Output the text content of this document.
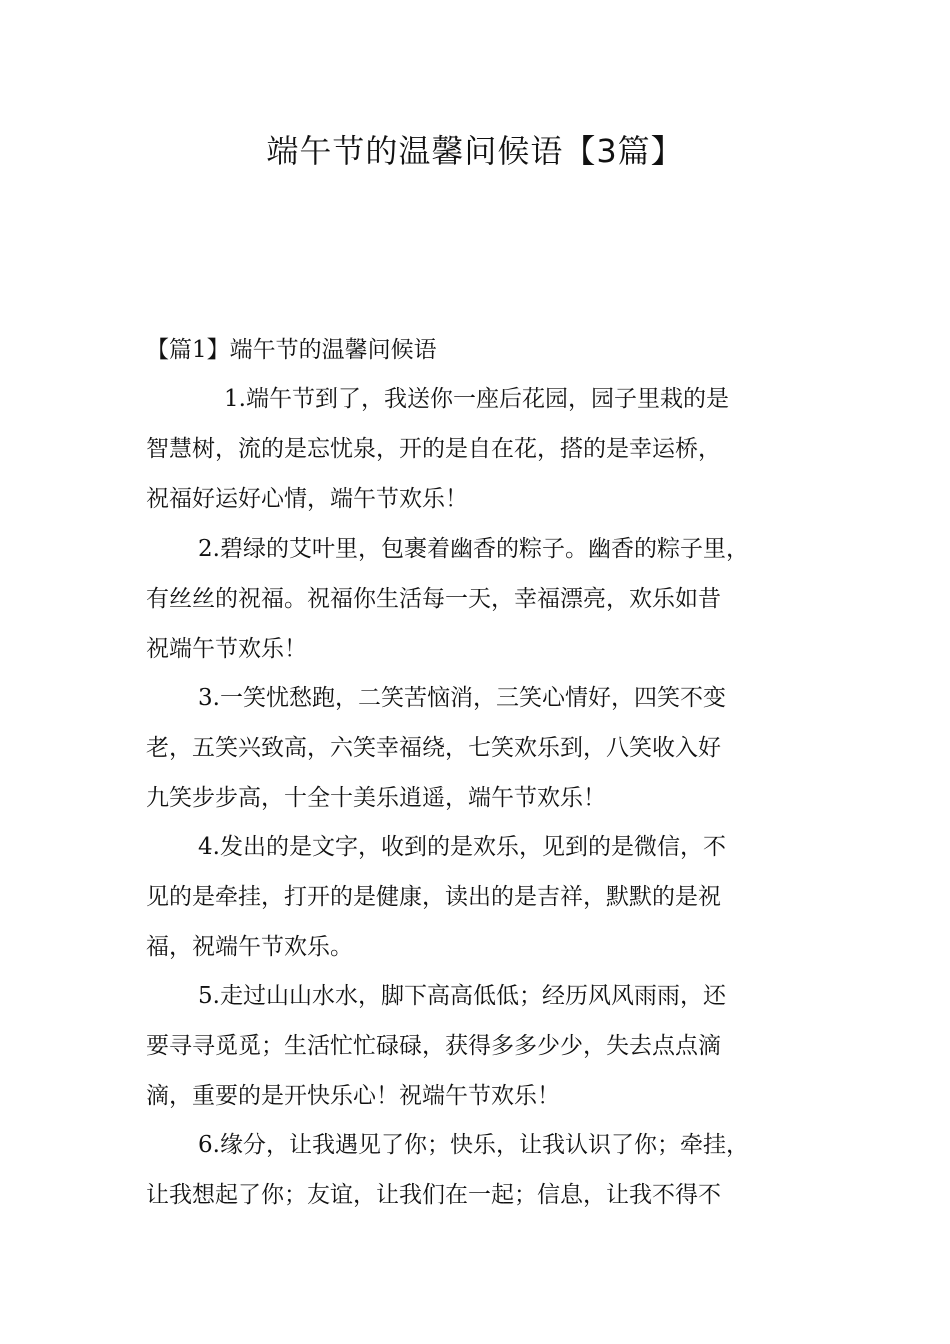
端午节的温馨问候语【3篇】
【篇1】端午节的温馨问候语

1.端午节到了，我送你一座后花园，园子里栽的是
智慧树，流的是忘忧泉，开的是自在花，搭的是幸运桥，
祝福好运好心情，端午节欢乐！

2.碧绿的艾叶里，包裹着幽香的粽子。幽香的粽子里，
有丝丝的祝福。祝福你生活每一天，幸福漂亮，欢乐如昔
祝端午节欢乐！

3.一笑忧愁跑，二笑苦恼消，三笑心情好，四笑不变
老，五笑兴致高，六笑幸福绕，七笑欢乐到，八笑收入好
九笑步步高，十全十美乐逍遥，端午节欢乐！

4.发出的是文字，收到的是欢乐，见到的是微信，不
见的是牵挂，打开的是健康，读出的是吉祥，默默的是祝
福，祝端午节欢乐。

5.走过山山水水，脚下高高低低；经历风风雨雨，还
要寻寻觅觅；生活忙忙碌碌，获得多多少少，失去点点滴
滴，重要的是开快乐心！祝端午节欢乐！

6.缘分，让我遇见了你；快乐，让我认识了你；牵挂，
让我想起了你；友谊，让我们在一起；信息，让我不得不
